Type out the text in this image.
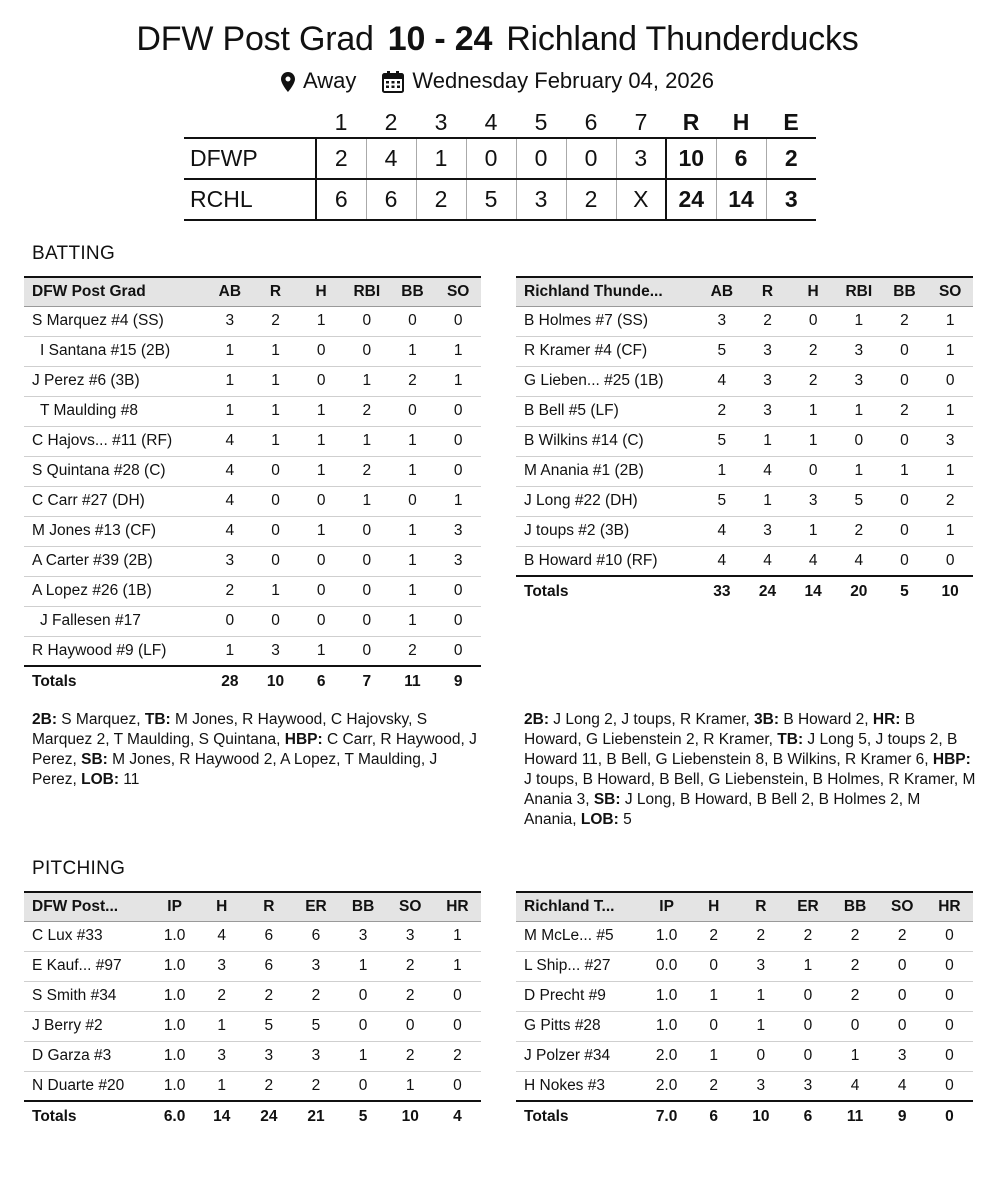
DFW Post Grad 10 - 24 Richland Thunderducks
Away	Wednesday February 04, 2026
	1	2	3	4	5	6	7	R	H	E
DFWP	2	4	1	0	0	0	3	10	6	2
RCHL	6	6	2	5	3	2	X	24	14	3
BATTING
DFW Post Grad	AB	R	H	RBI	BB	SO
S Marquez #4 (SS)	3	2	1	0	0	0
I Santana #15 (2B)	1	1	0	0	1	1
J Perez #6 (3B)	1	1	0	1	2	1
T Maulding #8	1	1	1	2	0	0
C Hajovs... #11 (RF)	4	1	1	1	1	0
S Quintana #28 (C)	4	0	1	2	1	0
C Carr #27 (DH)	4	0	0	1	0	1
M Jones #13 (CF)	4	0	1	0	1	3
A Carter #39 (2B)	3	0	0	0	1	3
A Lopez #26 (1B)	2	1	0	0	1	0
J Fallesen #17	0	0	0	0	1	0
R Haywood #9 (LF)	1	3	1	0	2	0
Totals	28	10	6	7	11	9
Richland Thunde...	AB	R	H	RBI	BB	SO
B Holmes #7 (SS)	3	2	0	1	2	1
R Kramer #4 (CF)	5	3	2	3	0	1
G Lieben... #25 (1B)	4	3	2	3	0	0
B Bell #5 (LF)	2	3	1	1	2	1
B Wilkins #14 (C)	5	1	1	0	0	3
M Anania #1 (2B)	1	4	0	1	1	1
J Long #22 (DH)	5	1	3	5	0	2
J toups #2 (3B)	4	3	1	2	0	1
B Howard #10 (RF)	4	4	4	4	0	0
Totals	33	24	14	20	5	10
2B: S Marquez, TB: M Jones, R Haywood, C Hajovsky, S Marquez 2, T Maulding, S Quintana, HBP: C Carr, R Haywood, J Perez, SB: M Jones, R Haywood 2, A Lopez, T Maulding, J Perez, LOB: 11
2B: J Long 2, J toups, R Kramer, 3B: B Howard 2, HR: B Howard, G Liebenstein 2, R Kramer, TB: J Long 5, J toups 2, B Howard 11, B Bell, G Liebenstein 8, B Wilkins, R Kramer 6, HBP: J toups, B Howard, B Bell, G Liebenstein, B Holmes, R Kramer, M Anania 3, SB: J Long, B Howard, B Bell 2, B Holmes 2, M Anania, LOB: 5
PITCHING
DFW Post...	IP	H	R	ER	BB	SO	HR
C Lux #33	1.0	4	6	6	3	3	1
E Kauf... #97	1.0	3	6	3	1	2	1
S Smith #34	1.0	2	2	2	0	2	0
J Berry #2	1.0	1	5	5	0	0	0
D Garza #3	1.0	3	3	3	1	2	2
N Duarte #20	1.0	1	2	2	0	1	0
Totals	6.0	14	24	21	5	10	4
Richland T...	IP	H	R	ER	BB	SO	HR
M McLe... #5	1.0	2	2	2	2	2	0
L Ship... #27	0.0	0	3	1	2	0	0
D Precht #9	1.0	1	1	0	2	0	0
G Pitts #28	1.0	0	1	0	0	0	0
J Polzer #34	2.0	1	0	0	1	3	0
H Nokes #3	2.0	2	3	3	4	4	0
Totals	7.0	6	10	6	11	9	0
